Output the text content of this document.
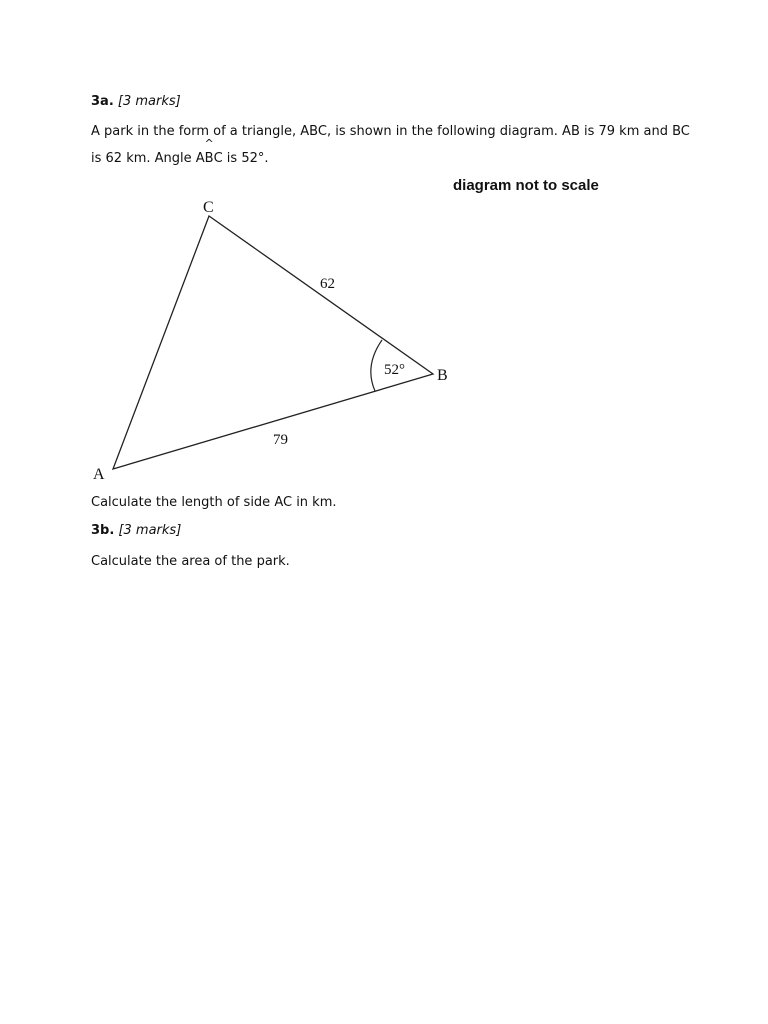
3a. [3 marks]
A park in the form of a triangle, ABC, is shown in the following diagram. AB is 79 km and BC
is 62 km. Angle A
^
BC is 52°.
diagram not to scale
C
B
A
62
79
52°
Calculate the length of side AC in km.
3b. [3 marks]
Calculate the area of the park.
